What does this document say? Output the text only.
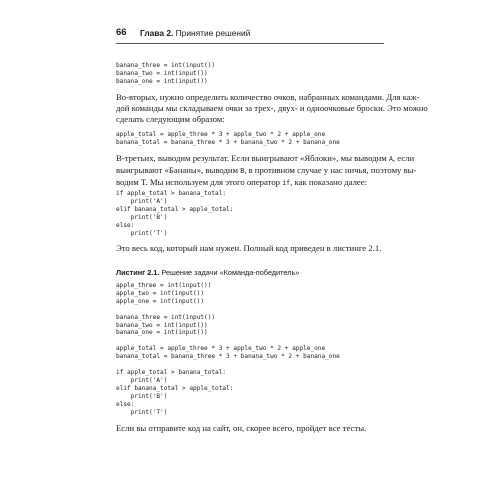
66 Глава 2. Принятие решений
banana_three = int(input())
banana_two = int(input())
banana_one = int(input())
Во-вторых, нужно определить количество очков, набранных командами. Для каж-
дой команды мы складываем очки за трех-, двух- и одноочковые броски. Это можно
сделать следующим образом:
apple_total = apple_three * 3 + apple_two * 2 + apple_one
banana_total = banana_three * 3 + banana_two * 2 + banana_one
В-третьих, выводим результат. Если выигрывают «Яблоки», мы выводим A, если
выигрывают «Бананы», выводим B, в противном случае у нас ничья, поэтому вы-
водим T. Мы используем для этого оператор if, как показано далее:
if apple_total > banana_total:
print('A')
elif banana_total > apple_total:
print('B')
else:
print('T')
Это весь код, который нам нужен. Полный код приведен в листинге 2.1.
Листинг 2.1. Решение задачи «Команда-победитель»
apple_three = int(input())
apple_two = int(input())
apple_one = int(input())

banana_three = int(input())
banana_two = int(input())
banana_one = int(input())

apple_total = apple_three * 3 + apple_two * 2 + apple_one
banana_total = banana_three * 3 + banana_two * 2 + banana_one

if apple_total > banana_total:
print('A')
elif banana_total > apple_total:
print('B')
else:
print('T')
Если вы отправите код на сайт, он, скорее всего, пройдет все тесты.
